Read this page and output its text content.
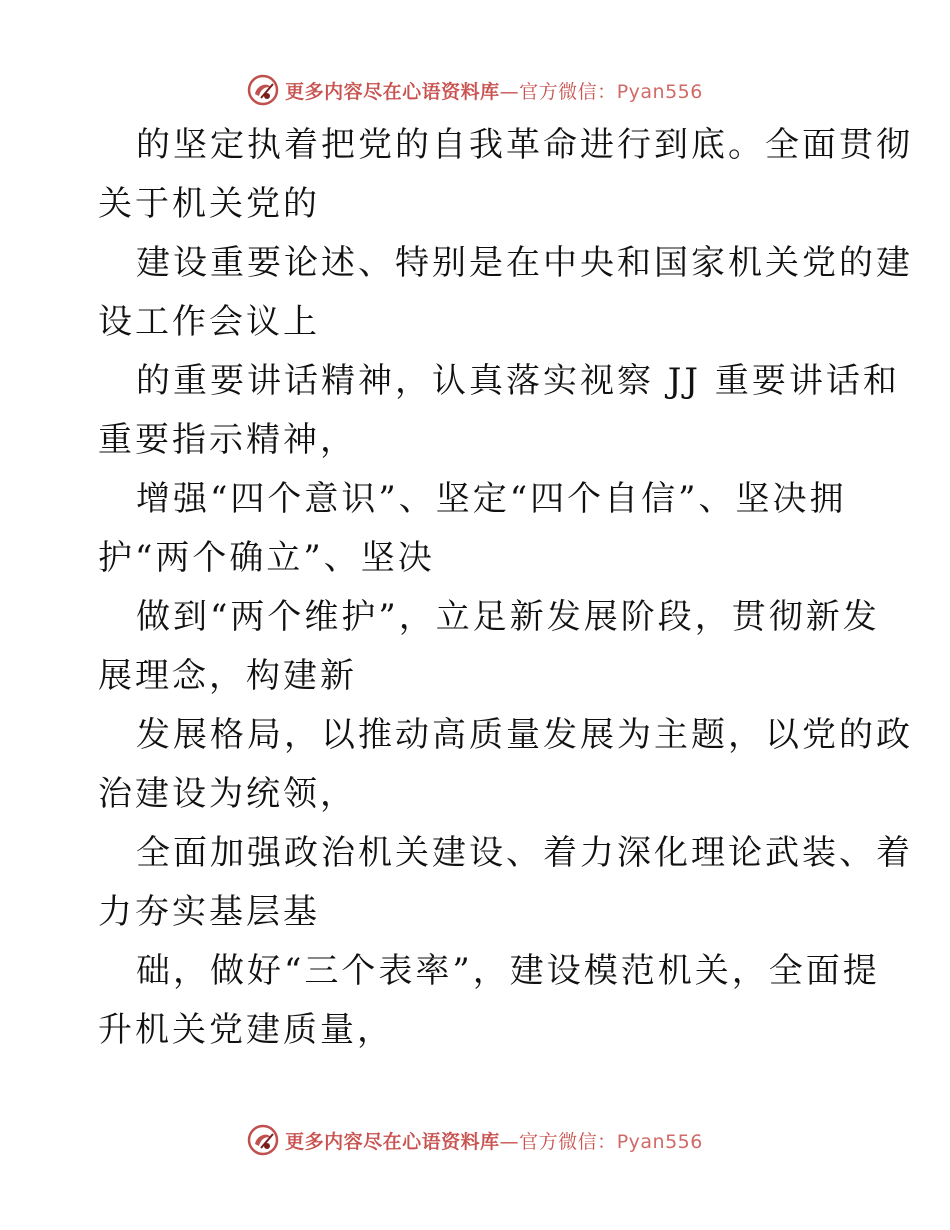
更多内容尽在心语资料库—官方微信：Pyan556
的坚定执着把党的自我革命进行到底。全面贯彻
关于机关党的
建设重要论述、特别是在中央和国家机关党的建
设工作会议上
的重要讲话精神，认真落实视察 JJ 重要讲话和
重要指示精神，
增强“四个意识”、坚定“四个自信”、坚决拥
护“两个确立”、坚决
做到“两个维护”，立足新发展阶段，贯彻新发
展理念，构建新
发展格局，以推动高质量发展为主题，以党的政
治建设为统领，
全面加强政治机关建设、着力深化理论武装、着
力夯实基层基
础，做好“三个表率”，建设模范机关，全面提
升机关党建质量，
更多内容尽在心语资料库—官方微信：Pyan556
